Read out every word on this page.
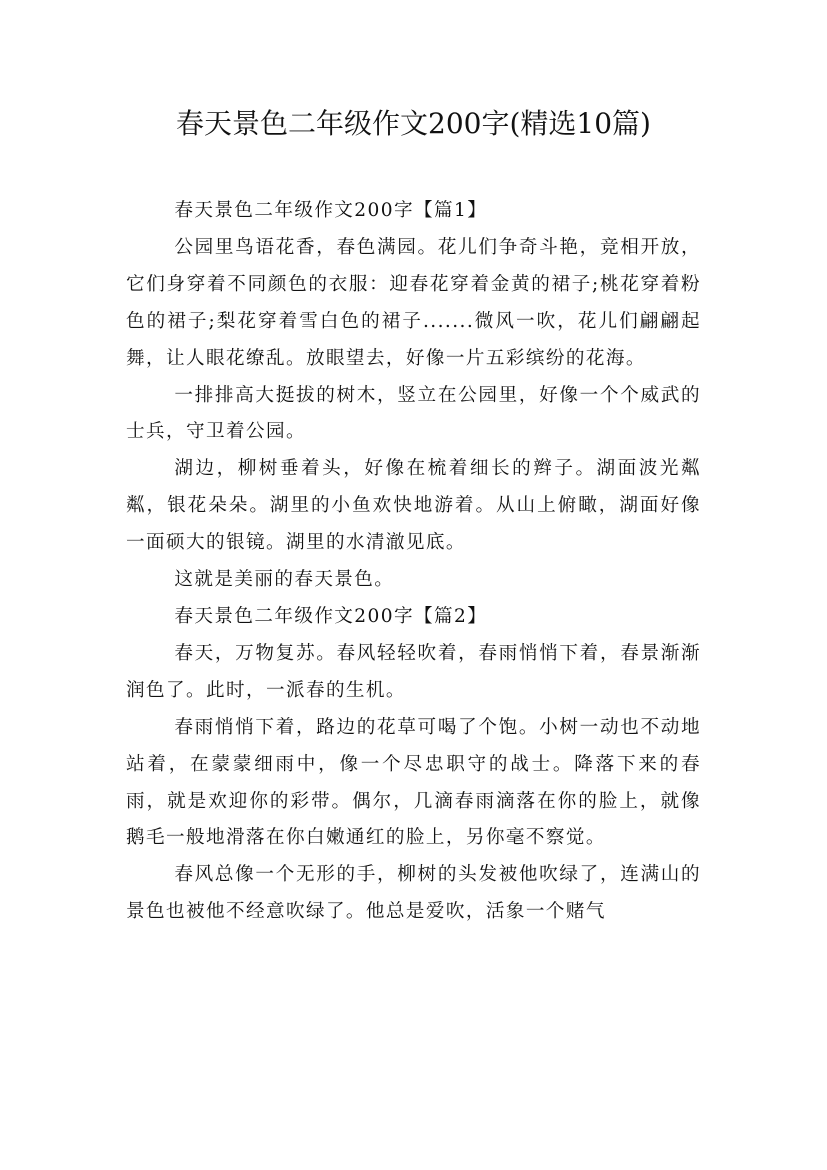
春天景色二年级作文200字(精选10篇)

春天景色二年级作文200字【篇1】

公园里鸟语花香，春色满园。花儿们争奇斗艳，竞相开放，它们身穿着不同颜色的衣服：迎春花穿着金黄的裙子;桃花穿着粉色的裙子;梨花穿着雪白色的裙子.......微风一吹，花儿们翩翩起舞，让人眼花缭乱。放眼望去，好像一片五彩缤纷的花海。

一排排高大挺拔的树木，竖立在公园里，好像一个个威武的士兵，守卫着公园。

湖边，柳树垂着头，好像在梳着细长的辫子。湖面波光粼粼，银花朵朵。湖里的小鱼欢快地游着。从山上俯瞰，湖面好像一面硕大的银镜。湖里的水清澈见底。

这就是美丽的春天景色。

春天景色二年级作文200字【篇2】

春天，万物复苏。春风轻轻吹着，春雨悄悄下着，春景渐渐润色了。此时，一派春的生机。

春雨悄悄下着，路边的花草可喝了个饱。小树一动也不动地站着，在蒙蒙细雨中，像一个尽忠职守的战士。降落下来的春雨，就是欢迎你的彩带。偶尔，几滴春雨滴落在你的脸上，就像鹅毛一般地滑落在你白嫩通红的脸上，另你毫不察觉。

春风总像一个无形的手，柳树的头发被他吹绿了，连满山的景色也被他不经意吹绿了。他总是爱吹，活象一个赌气
